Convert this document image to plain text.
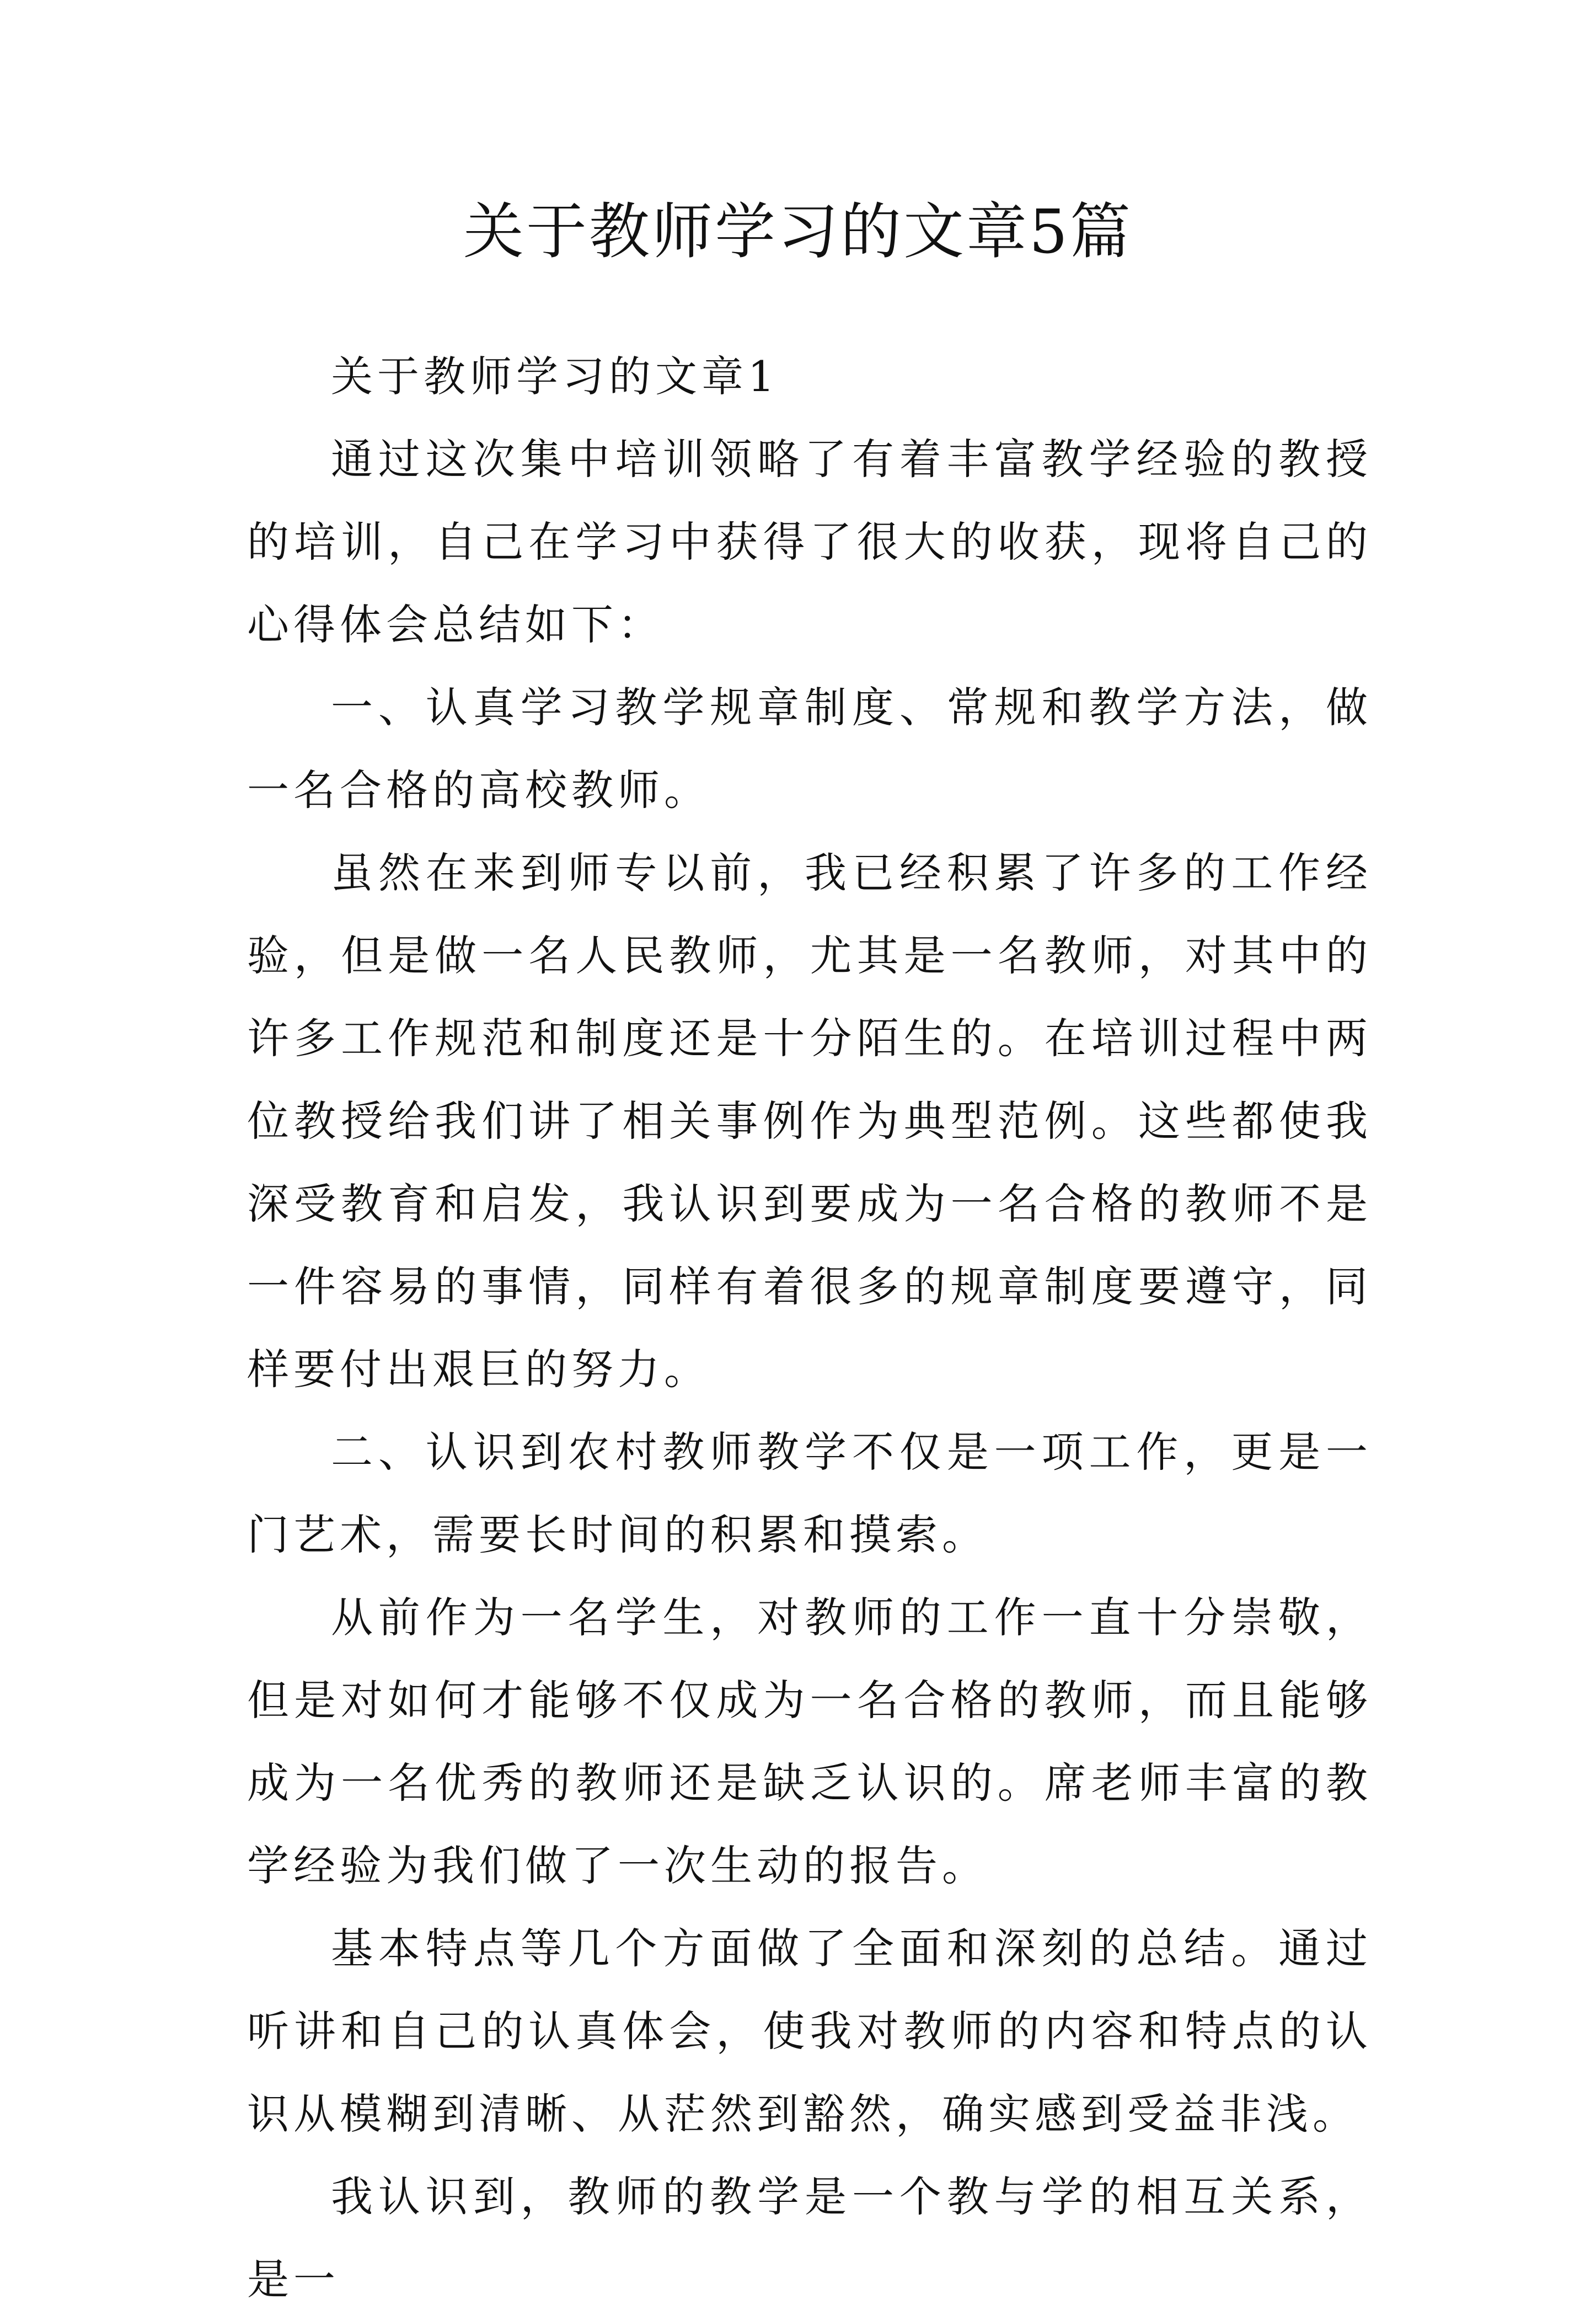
关于教师学习的文章5篇

关于教师学习的文章1

通过这次集中培训领略了有着丰富教学经验的教授的培训，自己在学习中获得了很大的收获，现将自己的心得体会总结如下：

一、认真学习教学规章制度、常规和教学方法，做一名合格的高校教师。

虽然在来到师专以前，我已经积累了许多的工作经验，但是做一名人民教师，尤其是一名教师，对其中的许多工作规范和制度还是十分陌生的。在培训过程中两位教授给我们讲了相关事例作为典型范例。这些都使我深受教育和启发，我认识到要成为一名合格的教师不是一件容易的事情，同样有着很多的规章制度要遵守，同样要付出艰巨的努力。

二、认识到农村教师教学不仅是一项工作，更是一门艺术，需要长时间的积累和摸索。

从前作为一名学生，对教师的工作一直十分崇敬，但是对如何才能够不仅成为一名合格的教师，而且能够成为一名优秀的教师还是缺乏认识的。席老师丰富的教学经验为我们做了一次生动的报告。

基本特点等几个方面做了全面和深刻的总结。通过听讲和自己的认真体会，使我对教师的内容和特点的认识从模糊到清晰、从茫然到豁然，确实感到受益非浅。

我认识到，教师的教学是一个教与学的相互关系，是一
